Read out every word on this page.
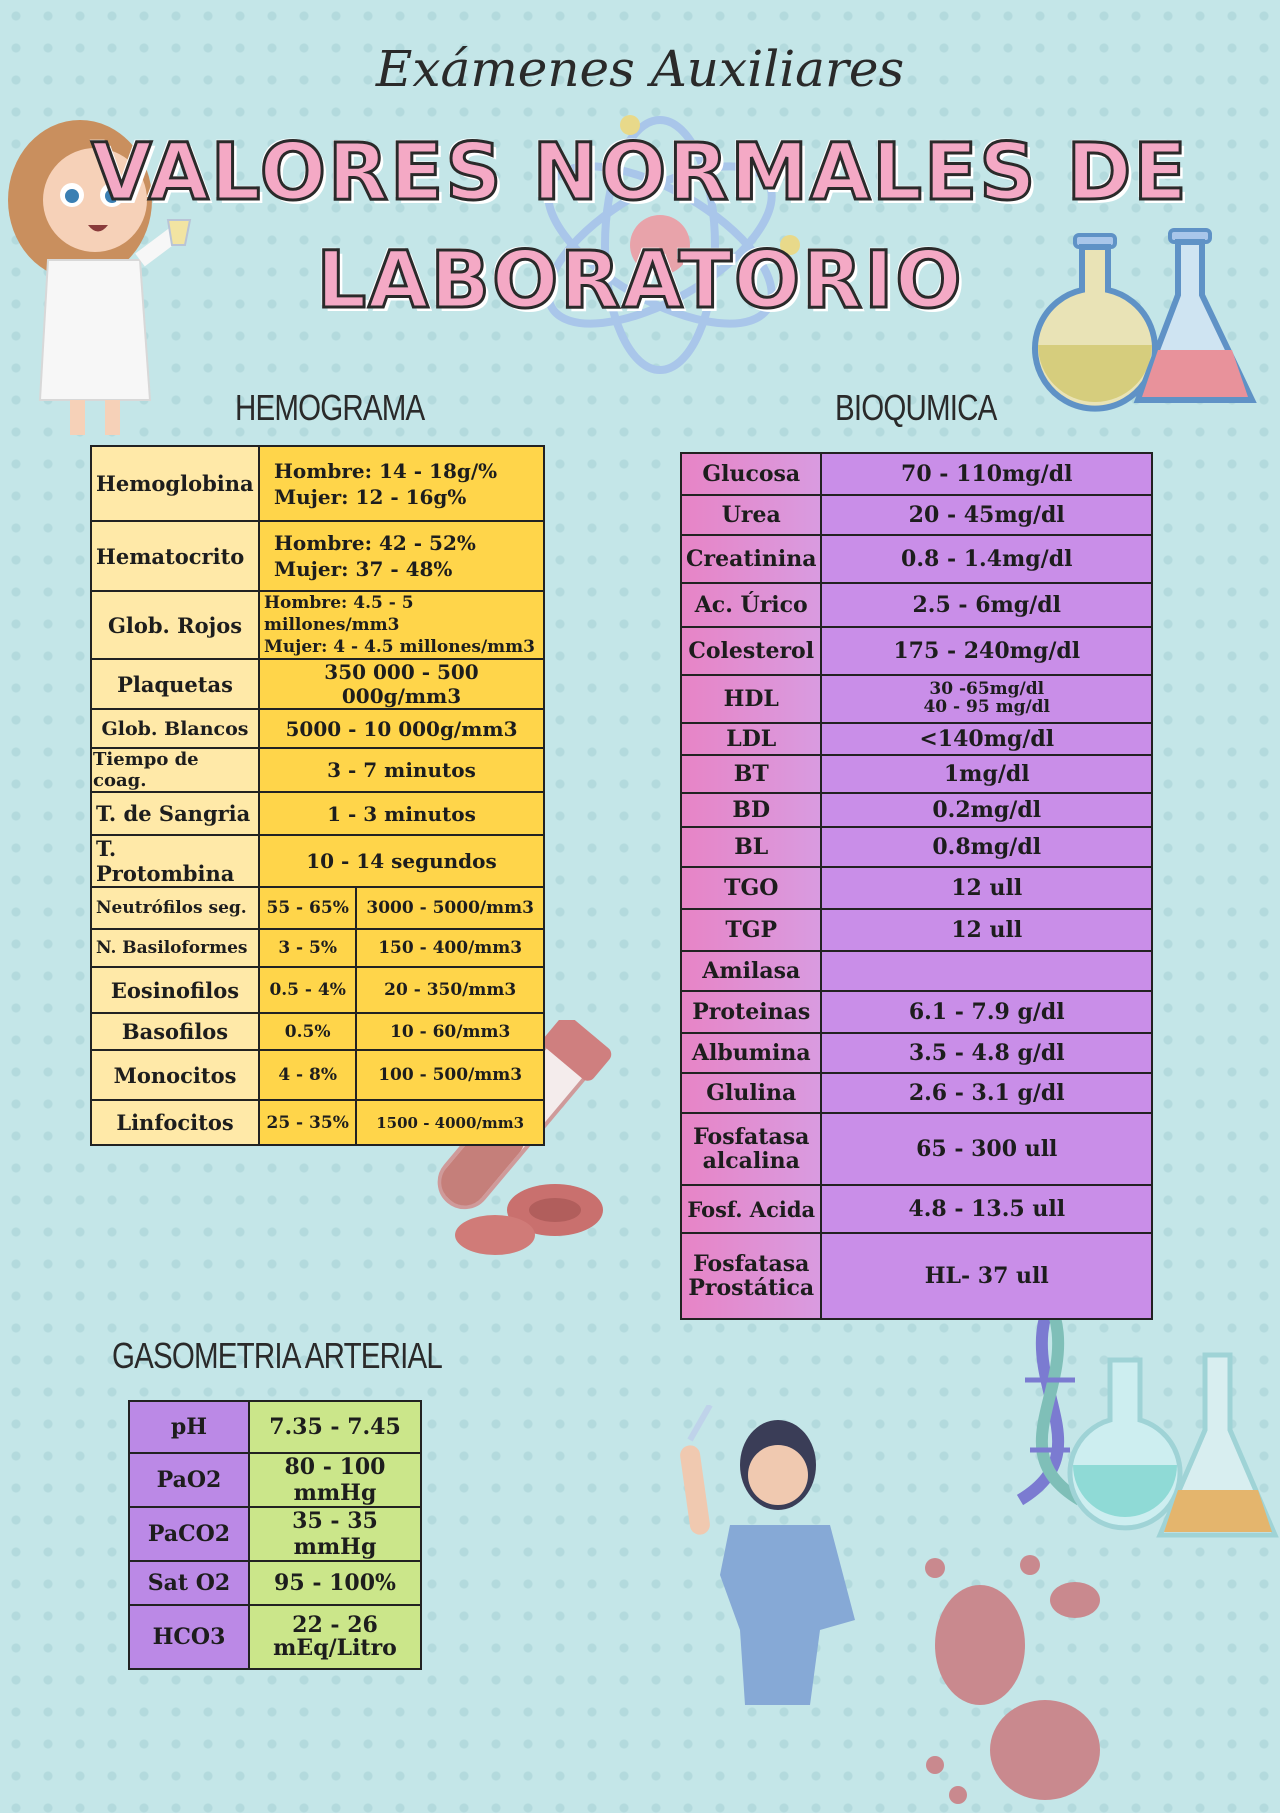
Exámenes Auxiliares
VALORES NORMALES DE
LABORATORIO
HEMOGRAMA	BIOQUMICA
GASOMETRIA ARTERIAL
Hemoglobina	Hombre: 14 - 18g/%
Mujer: 12 - 16g%	

Hematocrito	Hombre: 42 - 52%
Mujer: 37 - 48%	

Glob. Rojos	Hombre: 4.5 - 5 millones/mm3
Mujer: 4 - 4.5 millones/mm3	

Plaquetas	350 000 - 500 000g/mm3	
Glob. Blancos	5000 - 10 000g/mm3	
Tiempo de coag.	3 - 7 minutos	
T. de Sangria	1 - 3 minutos	
T. Protombina	10 - 14 segundos	
Neutrófilos seg.	55 - 65%	3000 - 5000/mm3
N. Basiloformes	3 - 5%	150 - 400/mm3
Eosinofilos	0.5 - 4%	20 - 350/mm3
Basofilos	0.5%	10 - 60/mm3
Monocitos	4 - 8%	100 - 500/mm3
Linfocitos	25 - 35%	1500 - 4000/mm3
Glucosa	70 - 110mg/dl
Urea	20 - 45mg/dl
Creatinina	0.8 - 1.4mg/dl
Ac. Úrico	2.5 - 6mg/dl
Colesterol	175 - 240mg/dl
HDL	30 -65mg/dl
40 - 95 mg/dl

LDL	<140mg/dl
BT	1mg/dl
BD	0.2mg/dl
BL	0.8mg/dl
TGO	12 ull
TGP	12 ull
Amilasa	
Proteinas	6.1 - 7.9 g/dl
Albumina	3.5 - 4.8 g/dl
Glulina	2.6 - 3.1 g/dl
Fosfatasa alcalina	65 - 300 ull
Fosf. Acida	4.8 - 13.5 ull
Fosfatasa Prostática	HL- 37 ull
pH	7.35 - 7.45
PaO2	80 - 100 mmHg
PaCO2	35 - 35 mmHg
Sat O2	95 - 100%
HCO3	22 - 26
mEq/Litro
